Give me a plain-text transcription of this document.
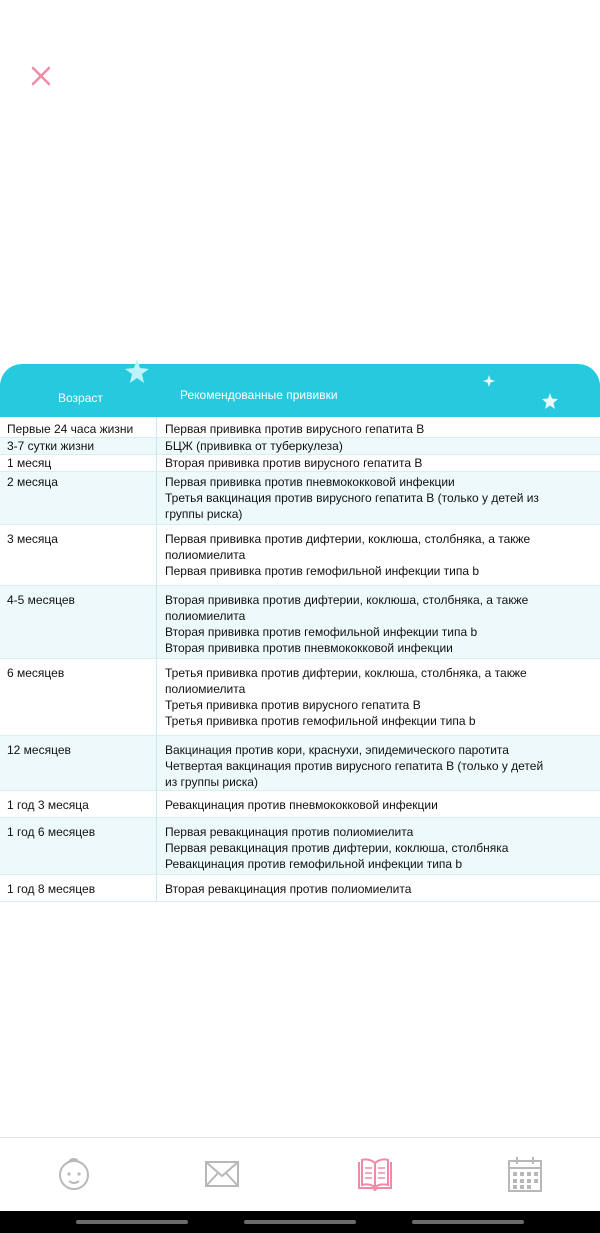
Возраст	Рекомендованные прививки
Первые 24 часа жизни	Первая прививка против вирусного гепатита В

3-7 сутки жизни	БЦЖ (прививка от туберкулеза)

1 месяц	Вторая прививка против вирусного гепатита В

2 месяца	Первая прививка против пневмококковой инфекции
Третья вакцинация против вирусного гепатита В (только у детей из
группы риска)

3 месяца	Первая прививка против дифтерии, коклюша, столбняка, а также
полиомиелита
Первая прививка против гемофильной инфекции типа b

4-5 месяцев	Вторая прививка против дифтерии, коклюша, столбняка, а также
полиомиелита
Вторая прививка против гемофильной инфекции типа b
Вторая прививка против пневмококковой инфекции

6 месяцев	Третья прививка против дифтерии, коклюша, столбняка, а также
полиомиелита
Третья прививка против вирусного гепатита В
Третья прививка против гемофильной инфекции типа b

12 месяцев	Вакцинация против кори, краснухи, эпидемического паротита
Четвертая вакцинация против вирусного гепатита В (только у детей
из группы риска)

1 год 3 месяца	Ревакцинация против пневмококковой инфекции

1 год 6 месяцев	Первая ревакцинация против полиомиелита
Первая ревакцинация против дифтерии, коклюша, столбняка
Ревакцинация против гемофильной инфекции типа b

1 год 8 месяцев	Вторая ревакцинация против полиомиелита
